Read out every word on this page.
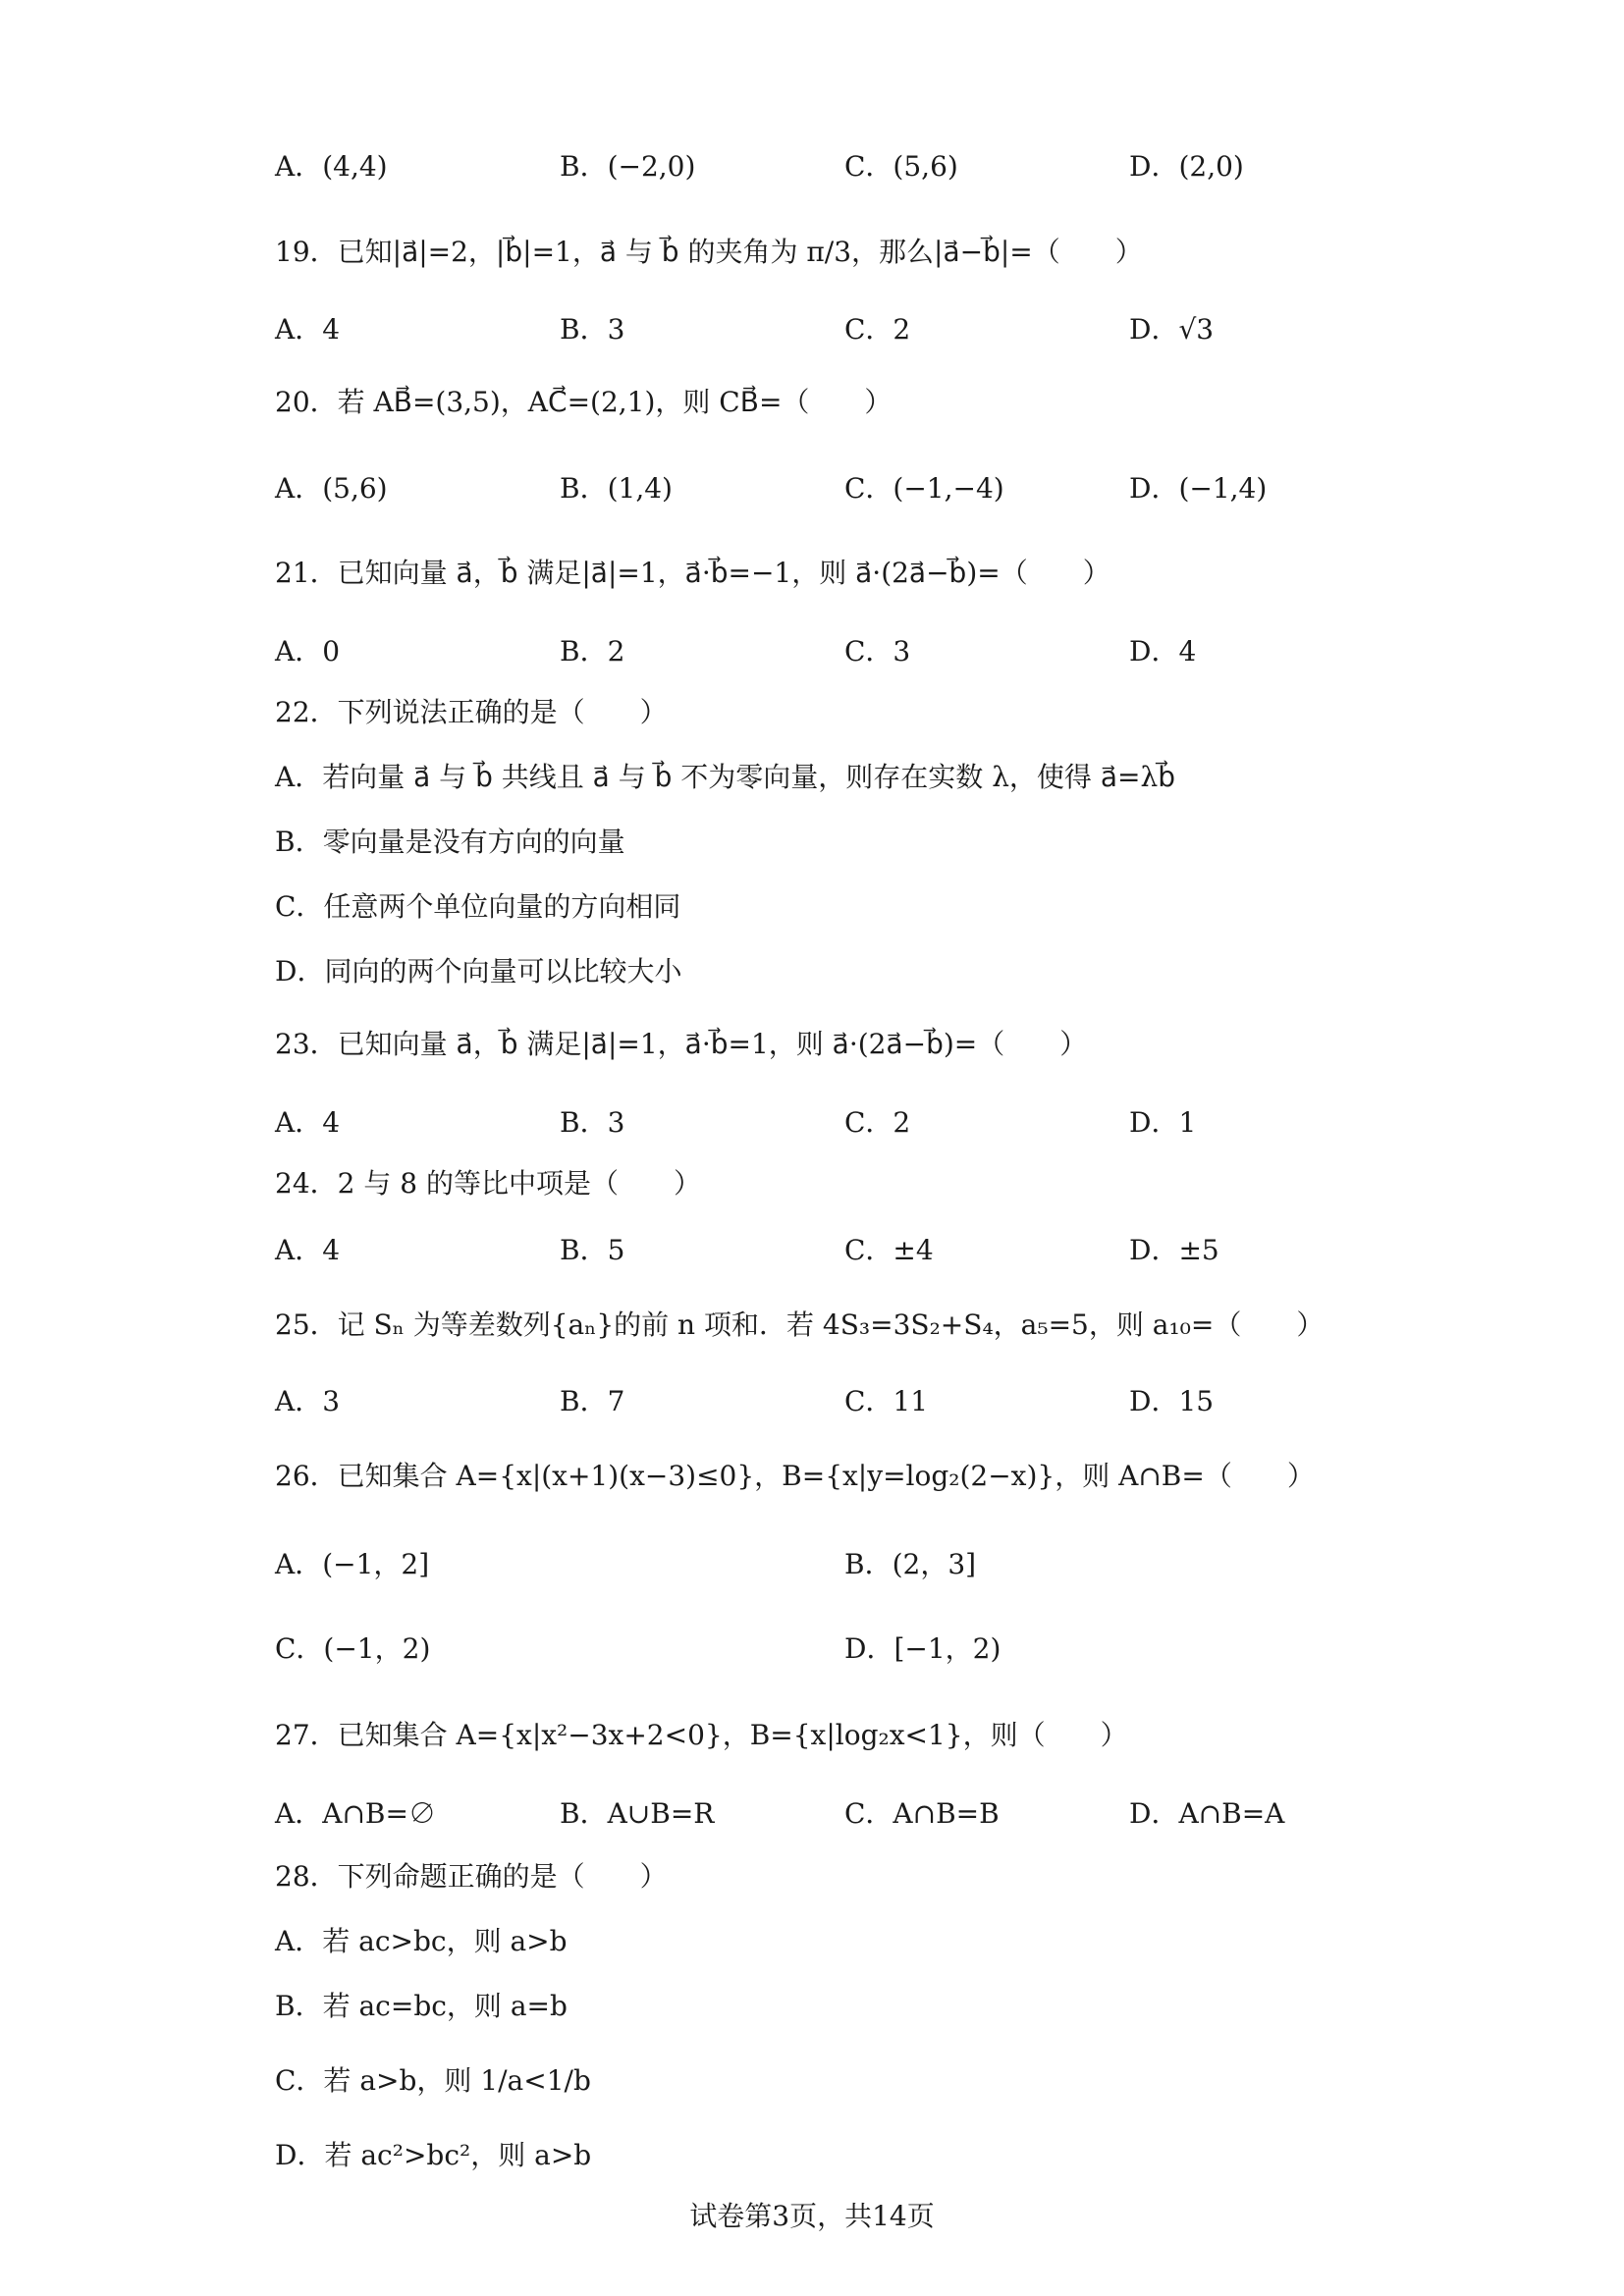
A．(4,4)	B．(−2,0)	C．(5,6)	D．(2,0)
19．已知|a⃗|=2，|b⃗|=1，a⃗ 与 b⃗ 的夹角为 π/3，那么|a⃗−b⃗|=（　　）
A．4	B．3	C．2	D．√3
20．若 AB⃗=(3,5)，AC⃗=(2,1)，则 CB⃗=（　　）
A．(5,6)	B．(1,4)	C．(−1,−4)	D．(−1,4)
21．已知向量 a⃗，b⃗ 满足|a⃗|=1，a⃗·b⃗=−1，则 a⃗·(2a⃗−b⃗)=（　　）
A．0	B．2	C．3	D．4
22．下列说法正确的是（　　）
A．若向量 a⃗ 与 b⃗ 共线且 a⃗ 与 b⃗ 不为零向量，则存在实数 λ，使得 a⃗=λb⃗
B．零向量是没有方向的向量
C．任意两个单位向量的方向相同
D．同向的两个向量可以比较大小
23．已知向量 a⃗，b⃗ 满足|a⃗|=1，a⃗·b⃗=1，则 a⃗·(2a⃗−b⃗)=（　　）
A．4	B．3	C．2	D．1
24．2 与 8 的等比中项是（　　）
A．4	B．5	C．±4	D．±5
25．记 Sₙ 为等差数列{aₙ}的前 n 项和．若 4S₃=3S₂+S₄，a₅=5，则 a₁₀=（　　）
A．3	B．7	C．11	D．15
26．已知集合 A={x|(x+1)(x−3)≤0}，B={x|y=log₂(2−x)}，则 A∩B=（　　）
A．(−1，2]	B．(2，3]
C．(−1，2)	D．[−1，2)
27．已知集合 A={x|x²−3x+2<0}，B={x|log₂x<1}，则（　　）
A．A∩B=∅	B．A∪B=R	C．A∩B=B	D．A∩B=A
28．下列命题正确的是（　　）
A．若 ac>bc，则 a>b
B．若 ac=bc，则 a=b
C．若 a>b，则 1/a<1/b
D．若 ac²>bc²，则 a>b
试卷第3页，共14页
